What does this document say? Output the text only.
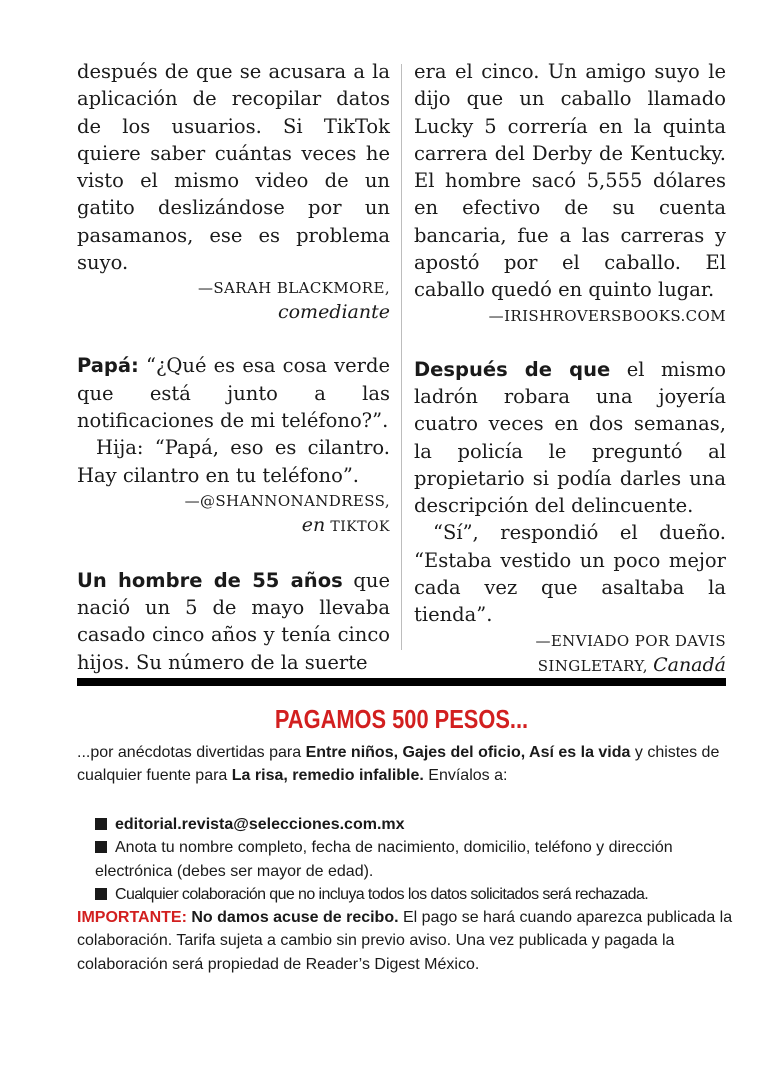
después de que se acusara a la aplicación de recopilar datos de los usuarios. Si TikTok quiere saber cuántas veces he visto el mismo video de un gatito deslizándose por un pasamanos, ese es problema suyo.

—SARAH BLACKMORE,
comediante

Papá: “¿Qué es esa cosa verde que está junto a las notificaciones de mi teléfono?”.

Hija: “Papá, eso es cilantro. Hay cilantro en tu teléfono”.

—@SHANNONANDRESS,
en TIKTOK

Un hombre de 55 años que nació un 5 de mayo llevaba casado cinco años y tenía cinco hijos. Su número de la suerte

era el cinco. Un amigo suyo le dijo que un caballo llamado Lucky 5 correría en la quinta carrera del Derby de Kentucky. El hombre sacó 5,555 dólares en efectivo de su cuenta bancaria, fue a las carreras y apostó por el caballo. El caballo quedó en quinto lugar.

—IRISHROVERSBOOKS.COM

Después de que el mismo ladrón robara una joyería cuatro veces en dos semanas, la policía le preguntó al propietario si podía darles una descripción del delincuente.

“Sí”, respondió el dueño. “Estaba vestido un poco mejor cada vez que asaltaba la tienda”.

—ENVIADO POR DAVIS
SINGLETARY, Canadá
PAGAMOS 500 PESOS...

...por anécdotas divertidas para Entre niños, Gajes del oficio, Así es la vida y chistes de cualquier fuente para La risa, remedio infalible. Envíalos a:

editorial.revista@selecciones.com.mx

Anota tu nombre completo, fecha de nacimiento, domicilio, teléfono y dirección electrónica (debes ser mayor de edad).

Cualquier colaboración que no incluya todos los datos solicitados será rechazada.

IMPORTANTE: No damos acuse de recibo. El pago se hará cuando aparezca publicada la colaboración. Tarifa sujeta a cambio sin previo aviso. Una vez publicada y pagada la colaboración será propiedad de Reader’s Digest México.
